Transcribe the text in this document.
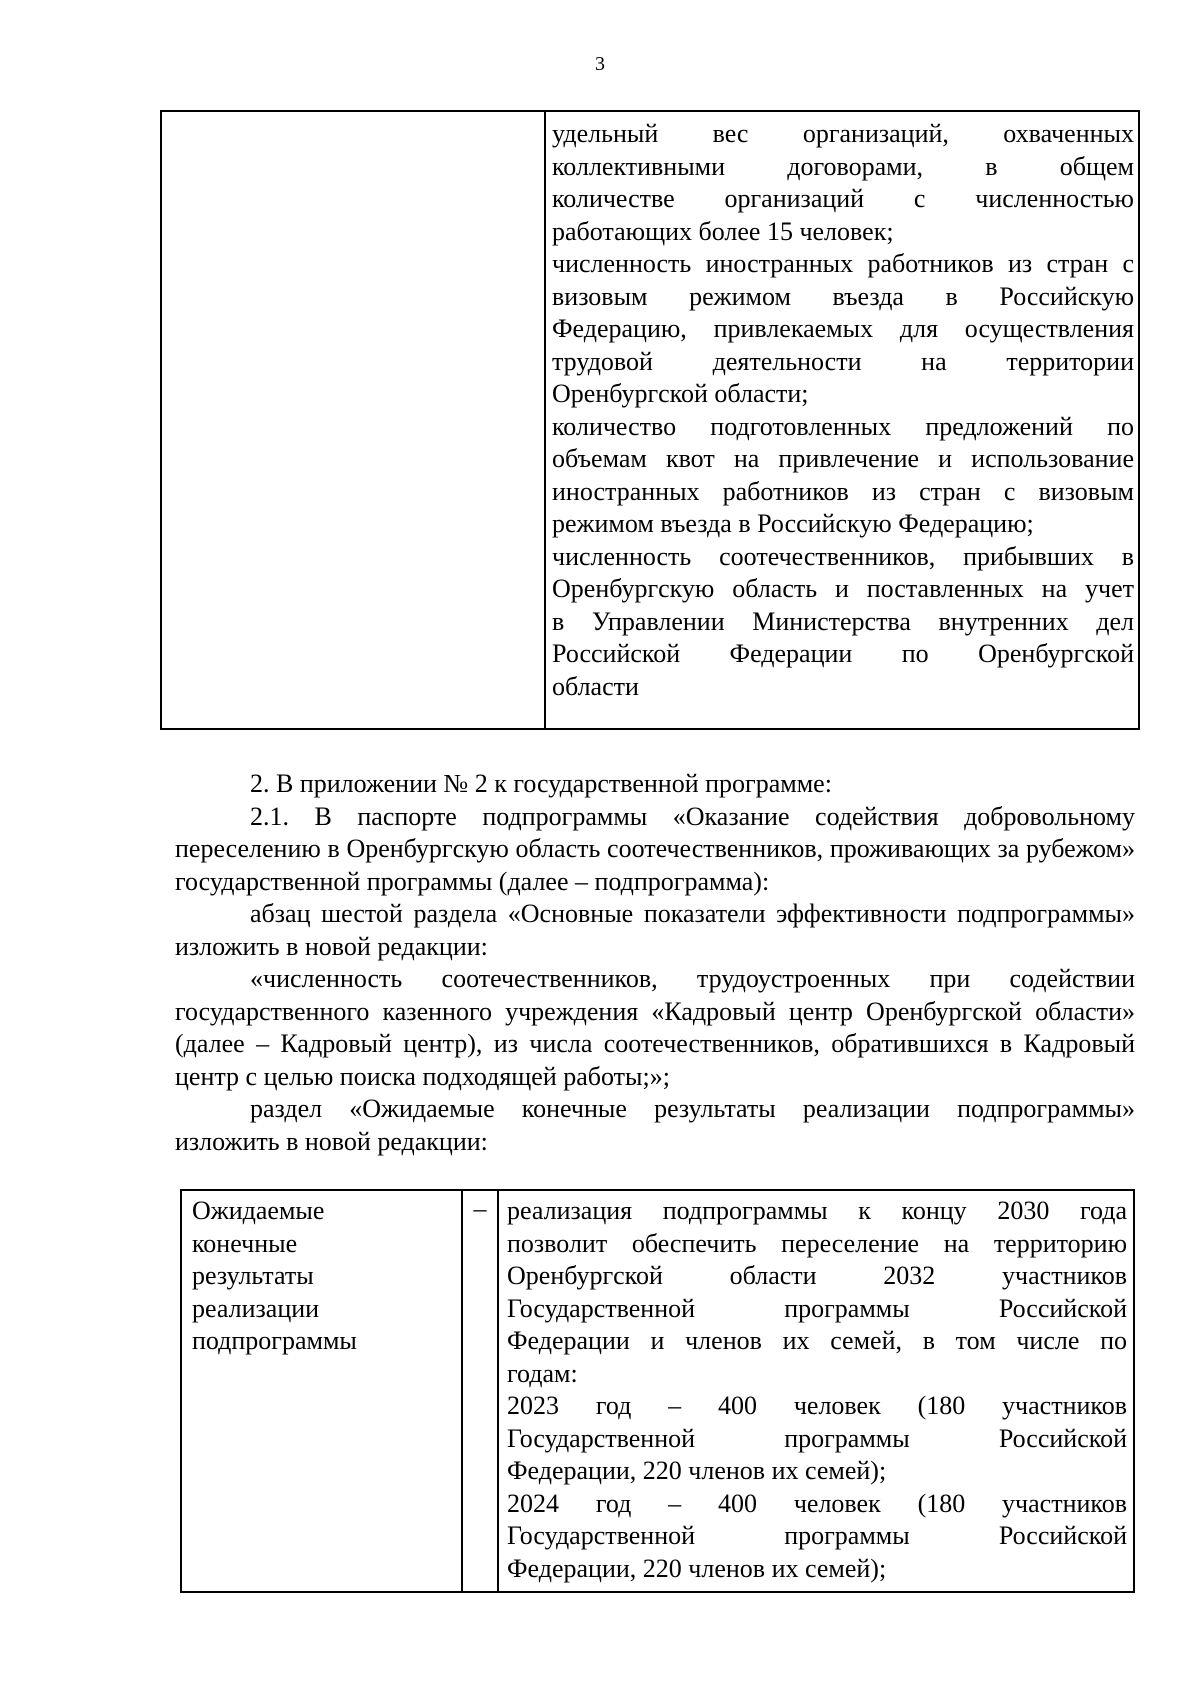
3
удельный вес организаций, охваченных
коллективными договорами, в общем
количестве организаций с численностью
работающих более 15 человек;
численность иностранных работников из стран с
визовым режимом въезда в Российскую
Федерацию, привлекаемых для осуществления
трудовой деятельности на территории
Оренбургской области;
количество подготовленных предложений по
объемам квот на привлечение и использование
иностранных работников из стран с визовым
режимом въезда в Российскую Федерацию;
численность соотечественников, прибывших в
Оренбургскую область и поставленных на учет
в Управлении Министерства внутренних дел
Российской Федерации по Оренбургской
области

2. В приложении № 2 к государственной программе:

2.1. В паспорте подпрограммы «Оказание содействия добровольному переселению в Оренбургскую область соотечественников, проживающих за рубежом» государственной программы (далее – подпрограмма):

абзац шестой раздела «Основные показатели эффективности подпрограммы» изложить в новой редакции:

«численность соотечественников, трудоустроенных при содействии государственного казенного учреждения «Кадровый центр Оренбургской области» (далее – Кадровый центр), из числа соотечественников, обратившихся в Кадровый центр с целью поиска подходящей работы;»;

раздел «Ожидаемые конечные результаты реализации подпрограммы» изложить в новой редакции:

Ожидаемые
конечные
результаты
реализации
подпрограммы
– реализация подпрограммы к концу 2030 года
позволит обеспечить переселение на территорию
Оренбургской области 2032 участников
Государственной программы Российской
Федерации и членов их семей, в том числе по
годам:
2023 год – 400 человек (180 участников
Государственной программы Российской
Федерации, 220 членов их семей);
2024 год – 400 человек (180 участников
Государственной программы Российской
Федерации, 220 членов их семей);
